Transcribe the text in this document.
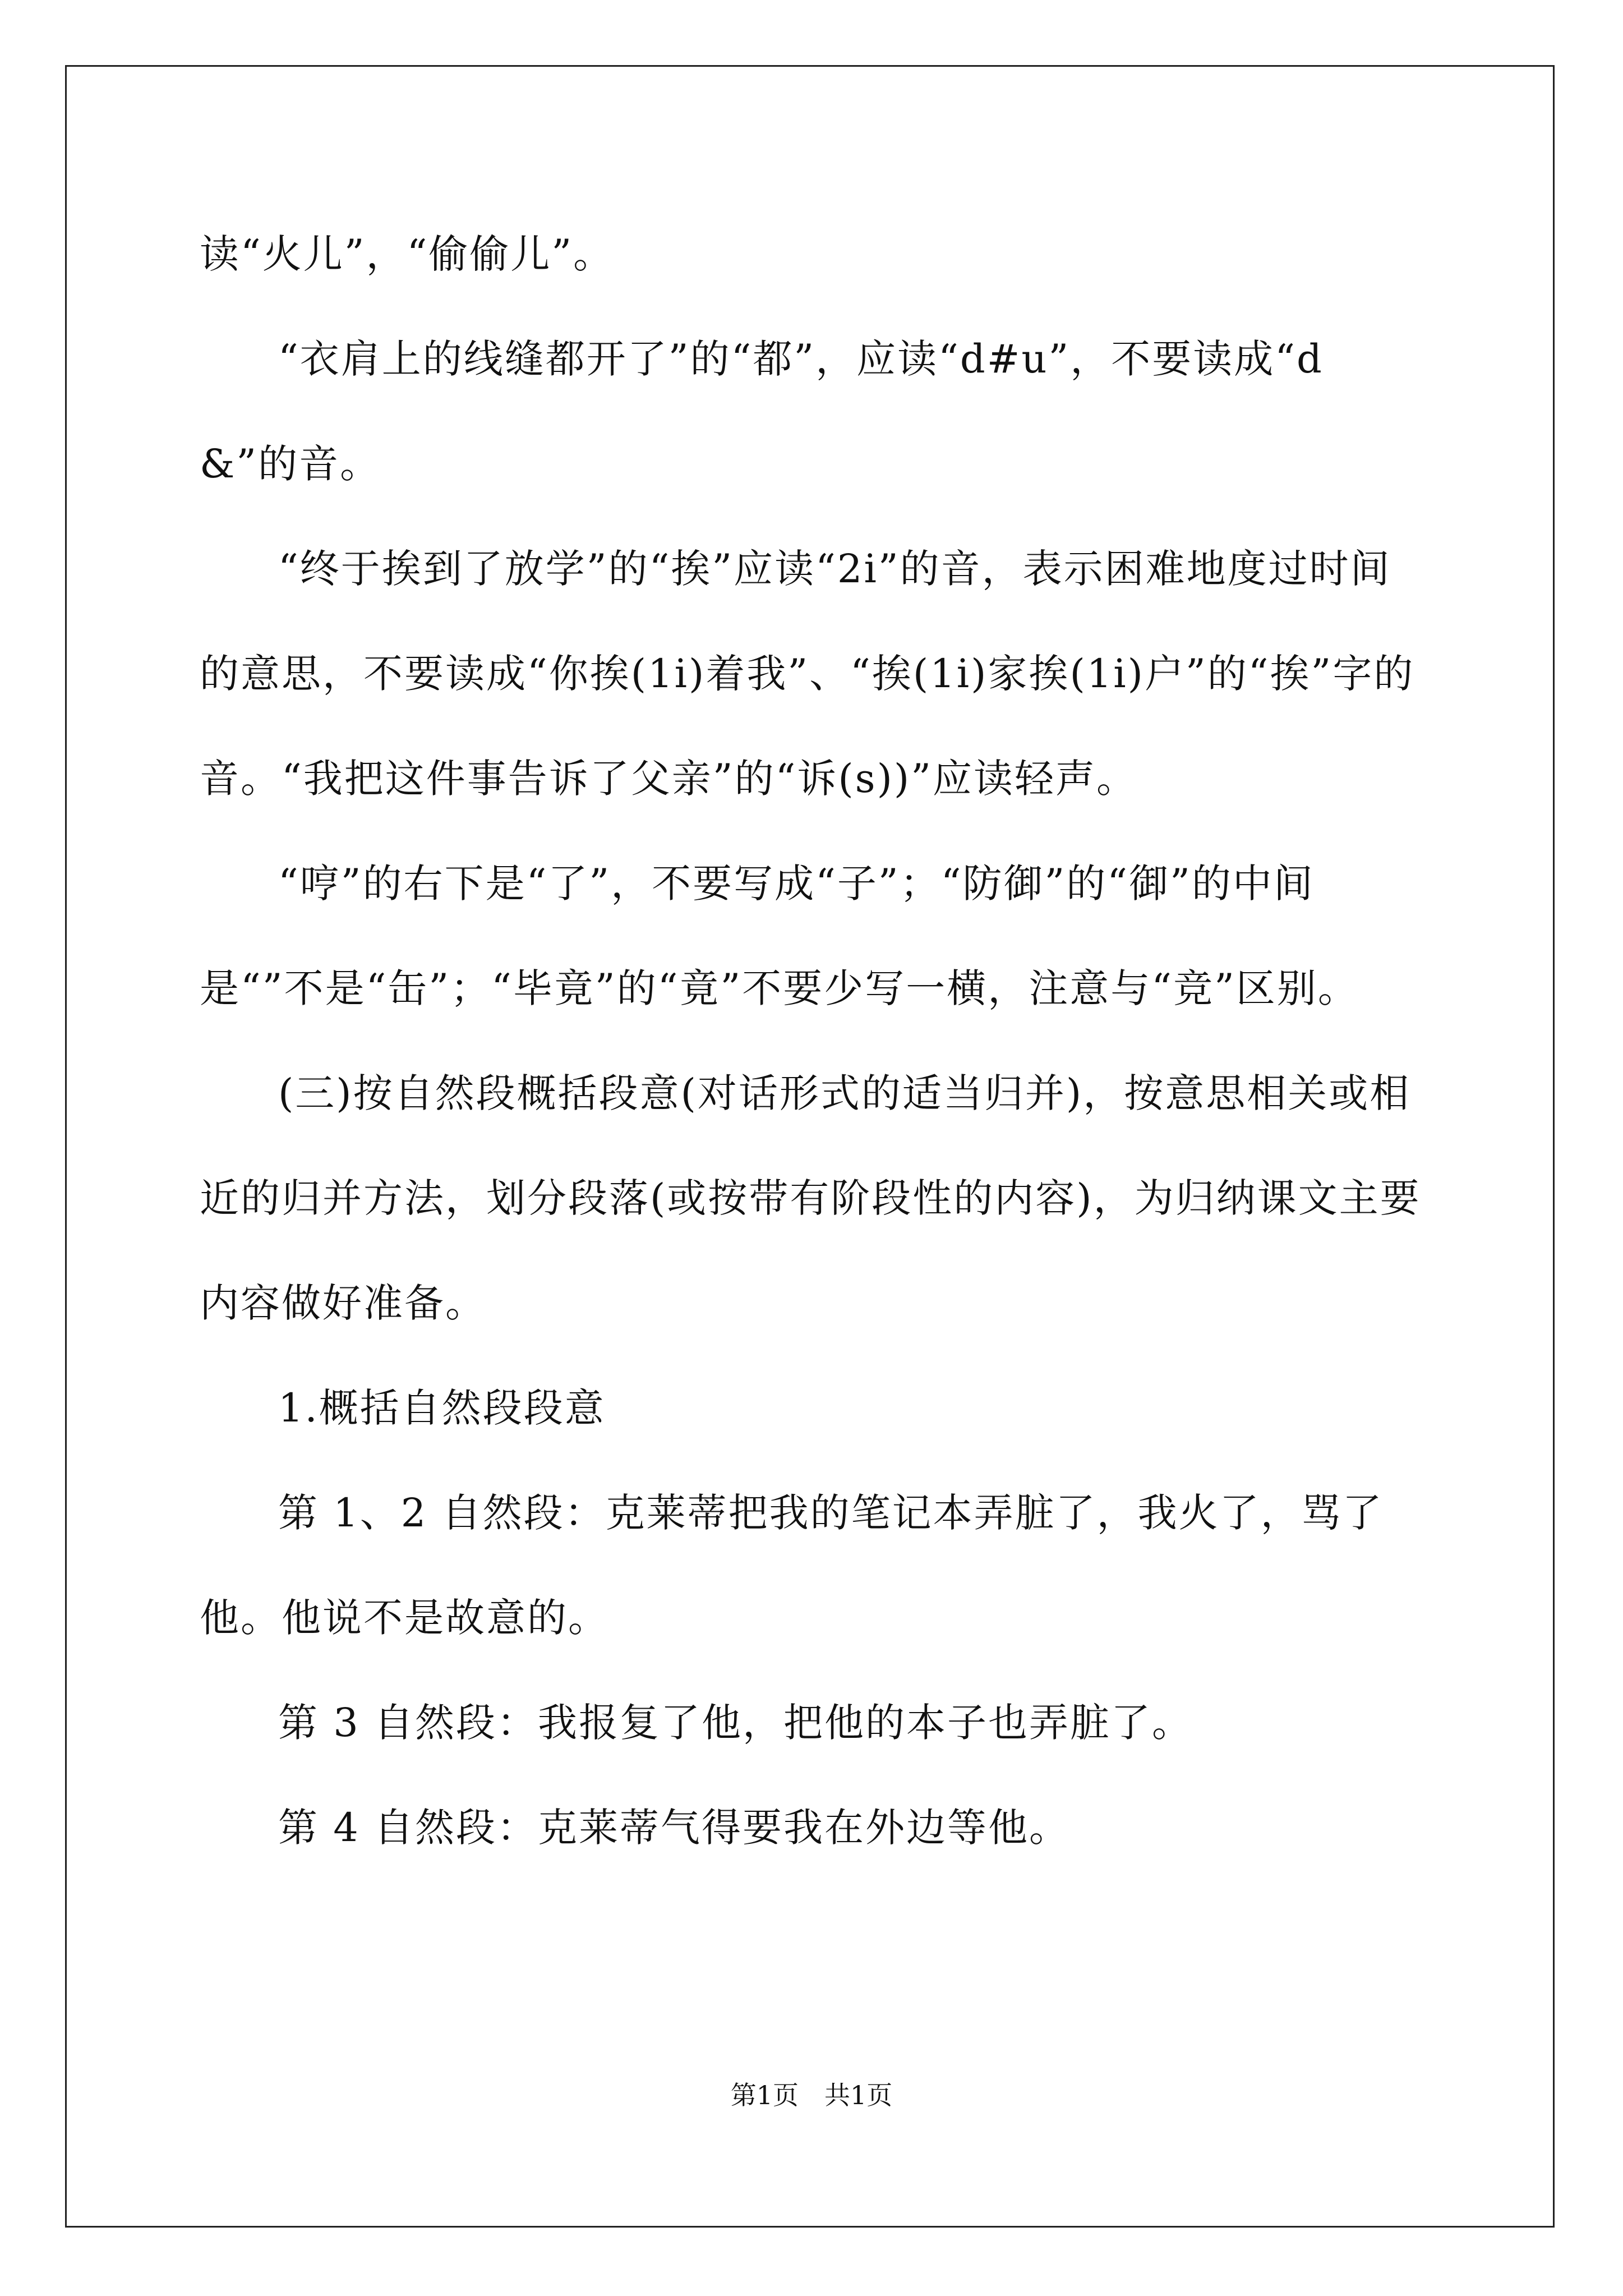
读“火儿”，“偷偷儿”。

“衣肩上的线缝都开了”的“都”，应读“d#u”，不要读成“d&”的音。

“终于挨到了放学”的“挨”应读“2i”的音，表示困难地度过时间的意思，不要读成“你挨(1i)着我”、“挨(1i)家挨(1i)户”的“挨”字的音。“我把这件事告诉了父亲”的“诉(s))”应读轻声。

“哼”的右下是“了”，不要写成“子”；“防御”的“御”的中间是“”不是“缶”；“毕竟”的“竟”不要少写一横，注意与“竞”区别。

(三)按自然段概括段意(对话形式的适当归并)，按意思相关或相近的归并方法，划分段落(或按带有阶段性的内容)，为归纳课文主要内容做好准备。

1.概括自然段段意

第 1、2 自然段：克莱蒂把我的笔记本弄脏了，我火了，骂了他。他说不是故意的。

第 3 自然段：我报复了他，把他的本子也弄脏了。

第 4 自然段：克莱蒂气得要我在外边等他。

第1页 共1页
